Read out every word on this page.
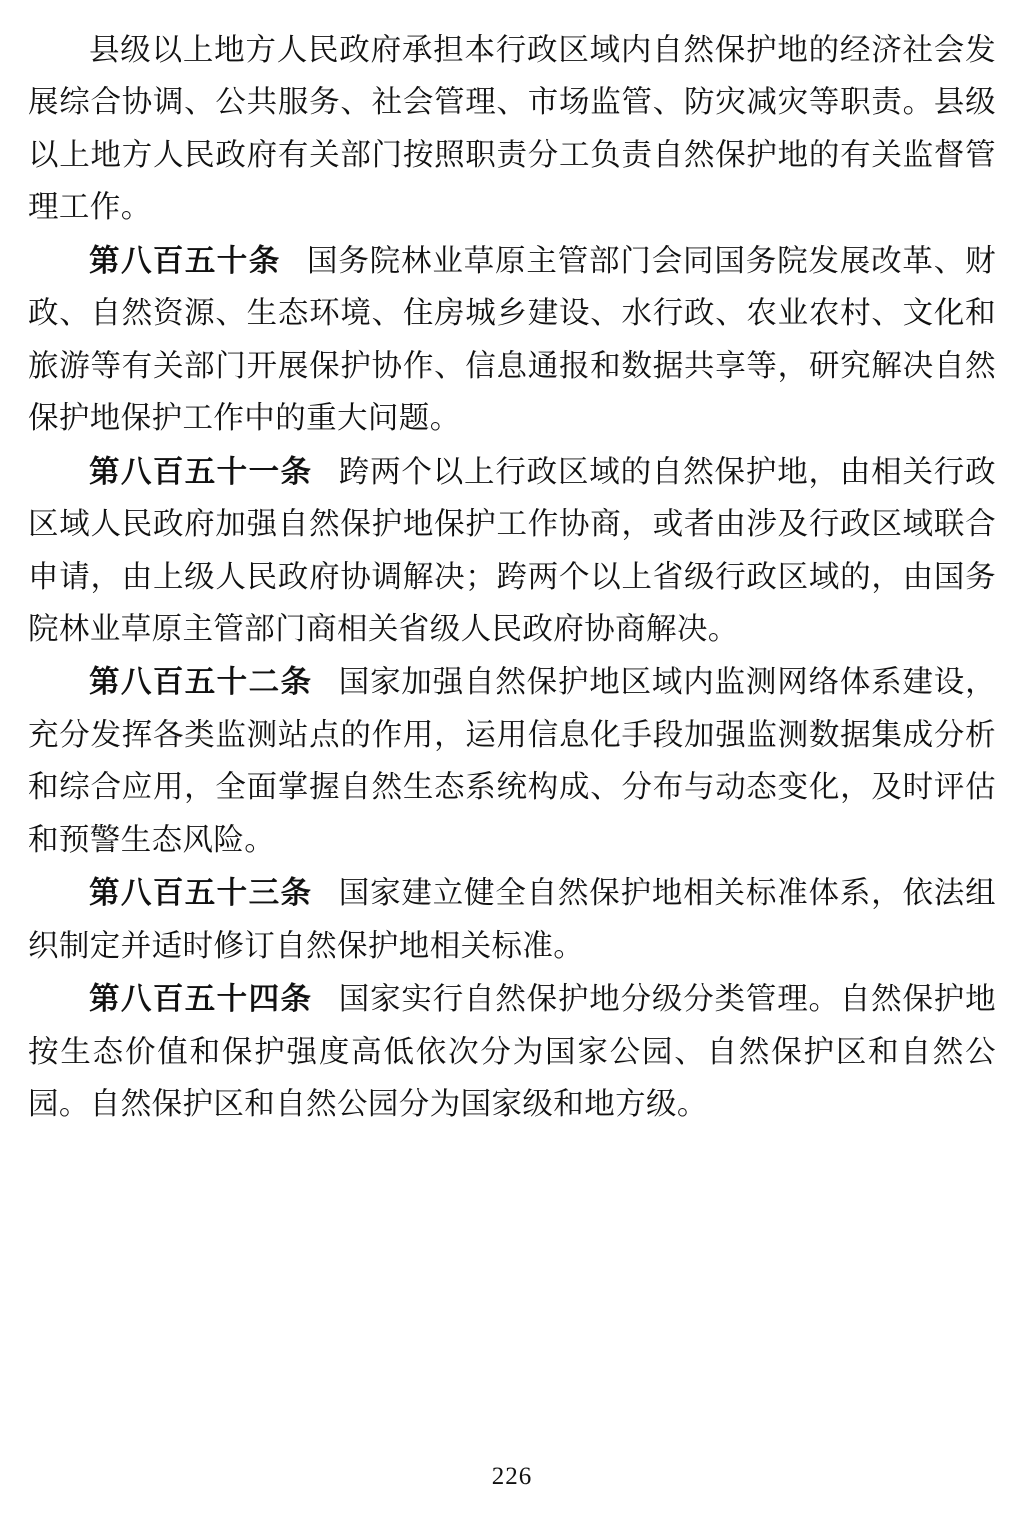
县级以上地方人民政府承担本行政区域内自然保护地的经济社会发展综合协调、公共服务、社会管理、市场监管、防灾减灾等职责。县级以上地方人民政府有关部门按照职责分工负责自然保护地的有关监督管理工作。

第八百五十条 国务院林业草原主管部门会同国务院发展改革、财政、自然资源、生态环境、住房城乡建设、水行政、农业农村、文化和旅游等有关部门开展保护协作、信息通报和数据共享等，研究解决自然保护地保护工作中的重大问题。

第八百五十一条 跨两个以上行政区域的自然保护地，由相关行政区域人民政府加强自然保护地保护工作协商，或者由涉及行政区域联合申请，由上级人民政府协调解决；跨两个以上省级行政区域的，由国务院林业草原主管部门商相关省级人民政府协商解决。

第八百五十二条 国家加强自然保护地区域内监测网络体系建设，充分发挥各类监测站点的作用，运用信息化手段加强监测数据集成分析和综合应用，全面掌握自然生态系统构成、分布与动态变化，及时评估和预警生态风险。

第八百五十三条 国家建立健全自然保护地相关标准体系，依法组织制定并适时修订自然保护地相关标准。

第八百五十四条 国家实行自然保护地分级分类管理。自然保护地按生态价值和保护强度高低依次分为国家公园、自然保护区和自然公园。自然保护区和自然公园分为国家级和地方级。

226
